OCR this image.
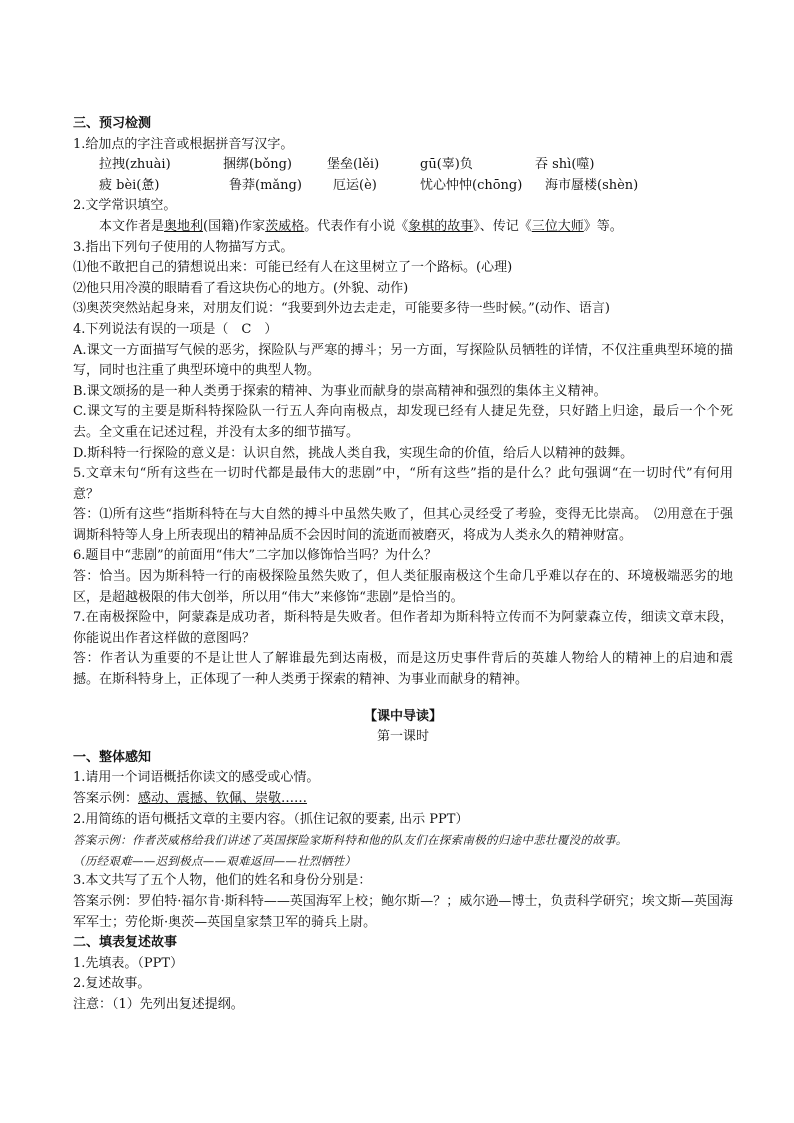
三、预习检测
1.给加点的字注音或根据拼音写汉字。
拉拽(zhuài)	捆绑(bǒng)	堡垒(lěi)	gū(辜)负	吞 shì(噬)
疲 bèi(惫)	鲁莽(mǎng) 厄运(è)	忧心忡忡(chōng) 海市蜃楼(shèn)
2.文学常识填空。
本文作者是奥地利(国籍)作家茨威格。代表作有小说《象棋的故事》、传记《三位大师》等。
3.指出下列句子使用的人物描写方式。
⑴他不敢把自己的猜想说出来：可能已经有人在这里树立了一个路标。(心理)
⑵他只用冷漠的眼睛看了看这块伤心的地方。(外貌、动作)
⑶奥茨突然站起身来，对朋友们说：“我要到外边去走走，可能要多待一些时候。”(动作、语言)
4.下列说法有误的一项是（　C　）
A.课文一方面描写气候的恶劣，探险队与严寒的搏斗；另一方面，写探险队员牺牲的详情，不仅注重典型环境的描写，同时也注重了典型环境中的典型人物。
B.课文颂扬的是一种人类勇于探索的精神、为事业而献身的崇高精神和强烈的集体主义精神。
C.课文写的主要是斯科特探险队一行五人奔向南极点，却发现已经有人捷足先登，只好踏上归途，最后一个个死去。全文重在记述过程，并没有太多的细节描写。
D.斯科特一行探险的意义是：认识自然，挑战人类自我，实现生命的价值，给后人以精神的鼓舞。
5.文章末句“所有这些在一切时代都是最伟大的悲剧”中，“所有这些”指的是什么？此句强调“在一切时代”有何用意？
答：⑴所有这些“指斯科特在与大自然的搏斗中虽然失败了，但其心灵经受了考验，变得无比崇高。　⑵用意在于强调斯科特等人身上所表现出的精神品质不会因时间的流逝而被磨灭，将成为人类永久的精神财富。
6.题目中“悲剧”的前面用“伟大”二字加以修饰恰当吗？为什么？
答：恰当。因为斯科特一行的南极探险虽然失败了，但人类征服南极这个生命几乎难以存在的、环境极端恶劣的地区，是超越极限的伟大创举，所以用“伟大”来修饰“悲剧”是恰当的。
7.在南极探险中，阿蒙森是成功者，斯科特是失败者。但作者却为斯科特立传而不为阿蒙森立传，细读文章末段，你能说出作者这样做的意图吗？
答：作者认为重要的不是让世人了解谁最先到达南极，而是这历史事件背后的英雄人物给人的精神上的启迪和震撼。在斯科特身上，正体现了一种人类勇于探索的精神、为事业而献身的精神。
【课中导读】
第一课时
一、整体感知
1.请用一个词语概括你读文的感受或心情。
答案示例：感动、震撼、钦佩、崇敬……
2.用简练的语句概括文章的主要内容。（抓住记叙的要素, 出示 PPT）
答案示例：作者茨威格给我们讲述了英国探险家斯科特和他的队友们在探索南极的归途中悲壮覆没的故事。
（历经艰难——迟到极点——艰难返回——壮烈牺牲）
3.本文共写了五个人物，他们的姓名和身份分别是：
答案示例：罗伯特·福尔肯·斯科特——英国海军上校；鲍尔斯—？；威尔逊—博士，负责科学研究；埃文斯—英国海军军士；劳伦斯·奥茨—英国皇家禁卫军的骑兵上尉。
二、填表复述故事
1.先填表。（PPT）
2.复述故事。
注意：（1）先列出复述提纲。
